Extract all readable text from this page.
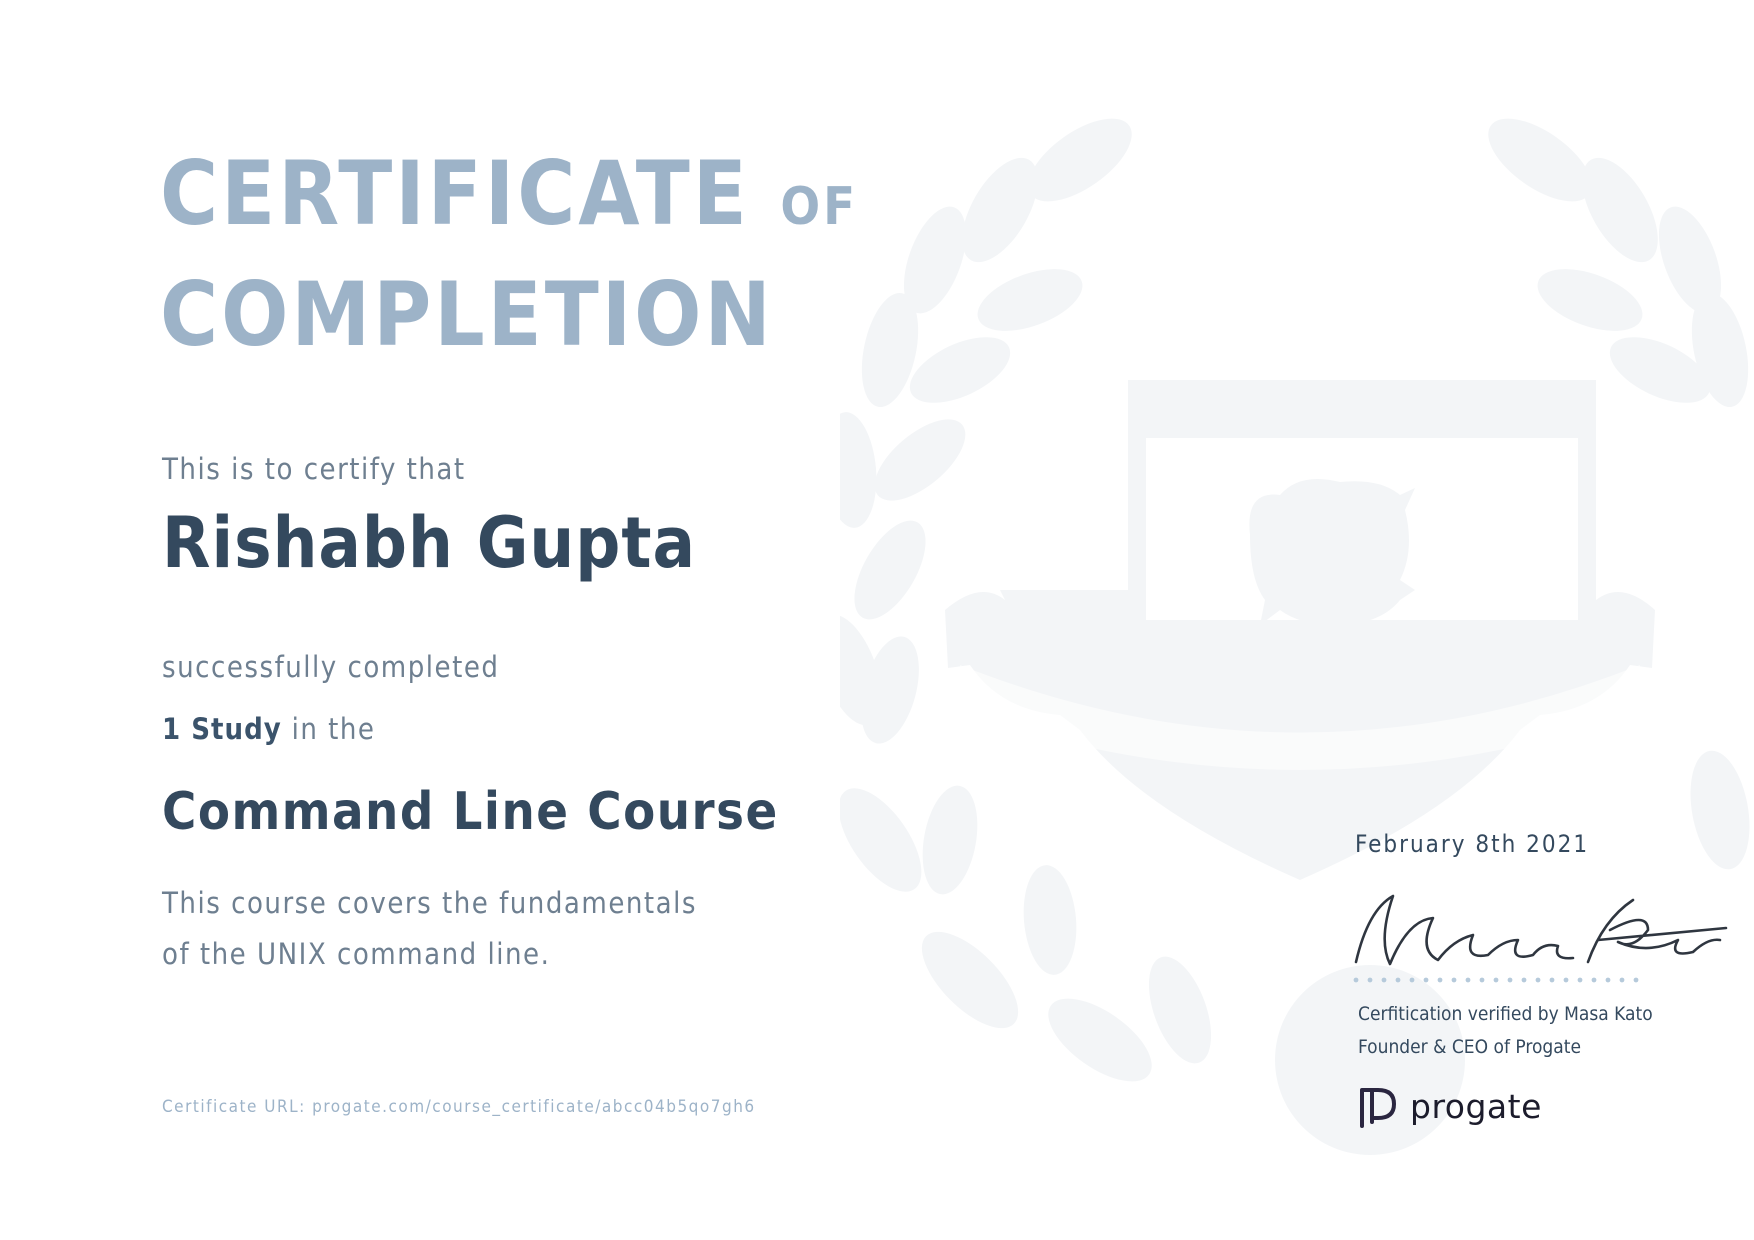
CERTIFICATE OF
COMPLETION
This is to certify that
Rishabh Gupta
successfully completed
1 Study in the
Command Line Course
This course covers the fundamentals of the UNIX command line.
Certificate URL: progate.com/course_certificate/abcc04b5qo7gh6
February 8th 2021
Cerfitication verified by Masa Kato
Founder & CEO of Progate
progate
